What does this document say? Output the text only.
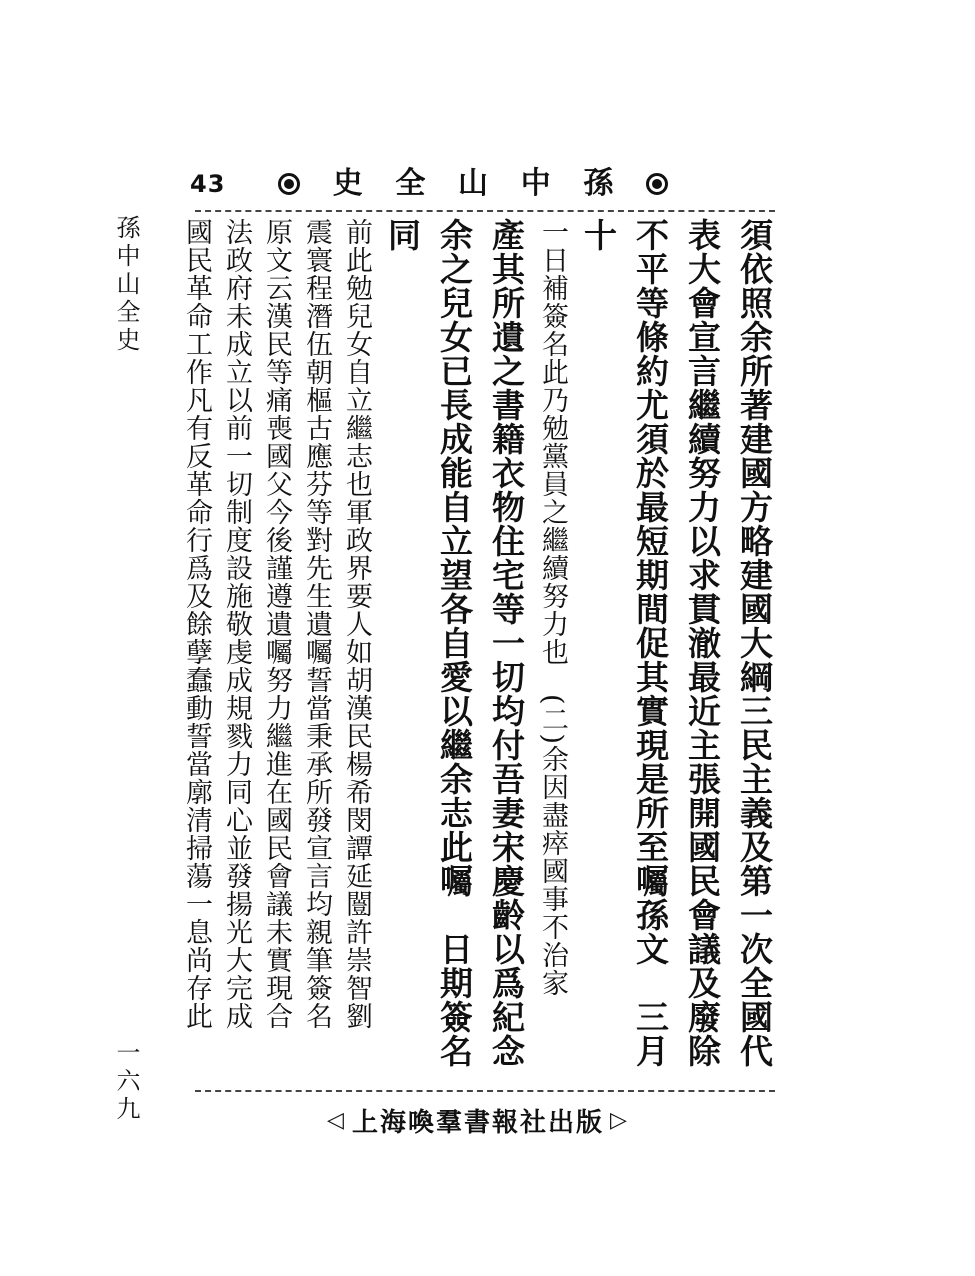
43	孫
中
山
全
史

須依照余所著建國方略建國大綱三民主義及第一次全國代

表大會宣言繼續努力以求貫澈最近主張開國民會議及廢除

不平等條約尤須於最短期間促其實現是所至囑孫文　三月十

一日補簽名此乃勉黨員之繼續努力也　(二)余因盡瘁國事不治家

產其所遺之書籍衣物住宅等一切均付吾妻宋慶齡以爲紀念

余之兒女已長成能自立望各自愛以繼余志此囑　日期簽名同

前此勉兒女自立繼志也軍政界要人如胡漢民楊希閔譚延闓許崇智劉

震寰程潛伍朝樞古應芬等對先生遺囑誓當秉承所發宣言均親筆簽名

原文云漢民等痛喪國父今後謹遵遺囑努力繼進在國民會議未實現合

法政府未成立以前一切制度設施敬虔成規戮力同心並發揚光大完成

國民革命工作凡有反革命行爲及餘孽蠢動誓當廓清掃蕩一息尚存此

◁ 上海喚羣書報社出版 ▷
孫中山全史
一六九
